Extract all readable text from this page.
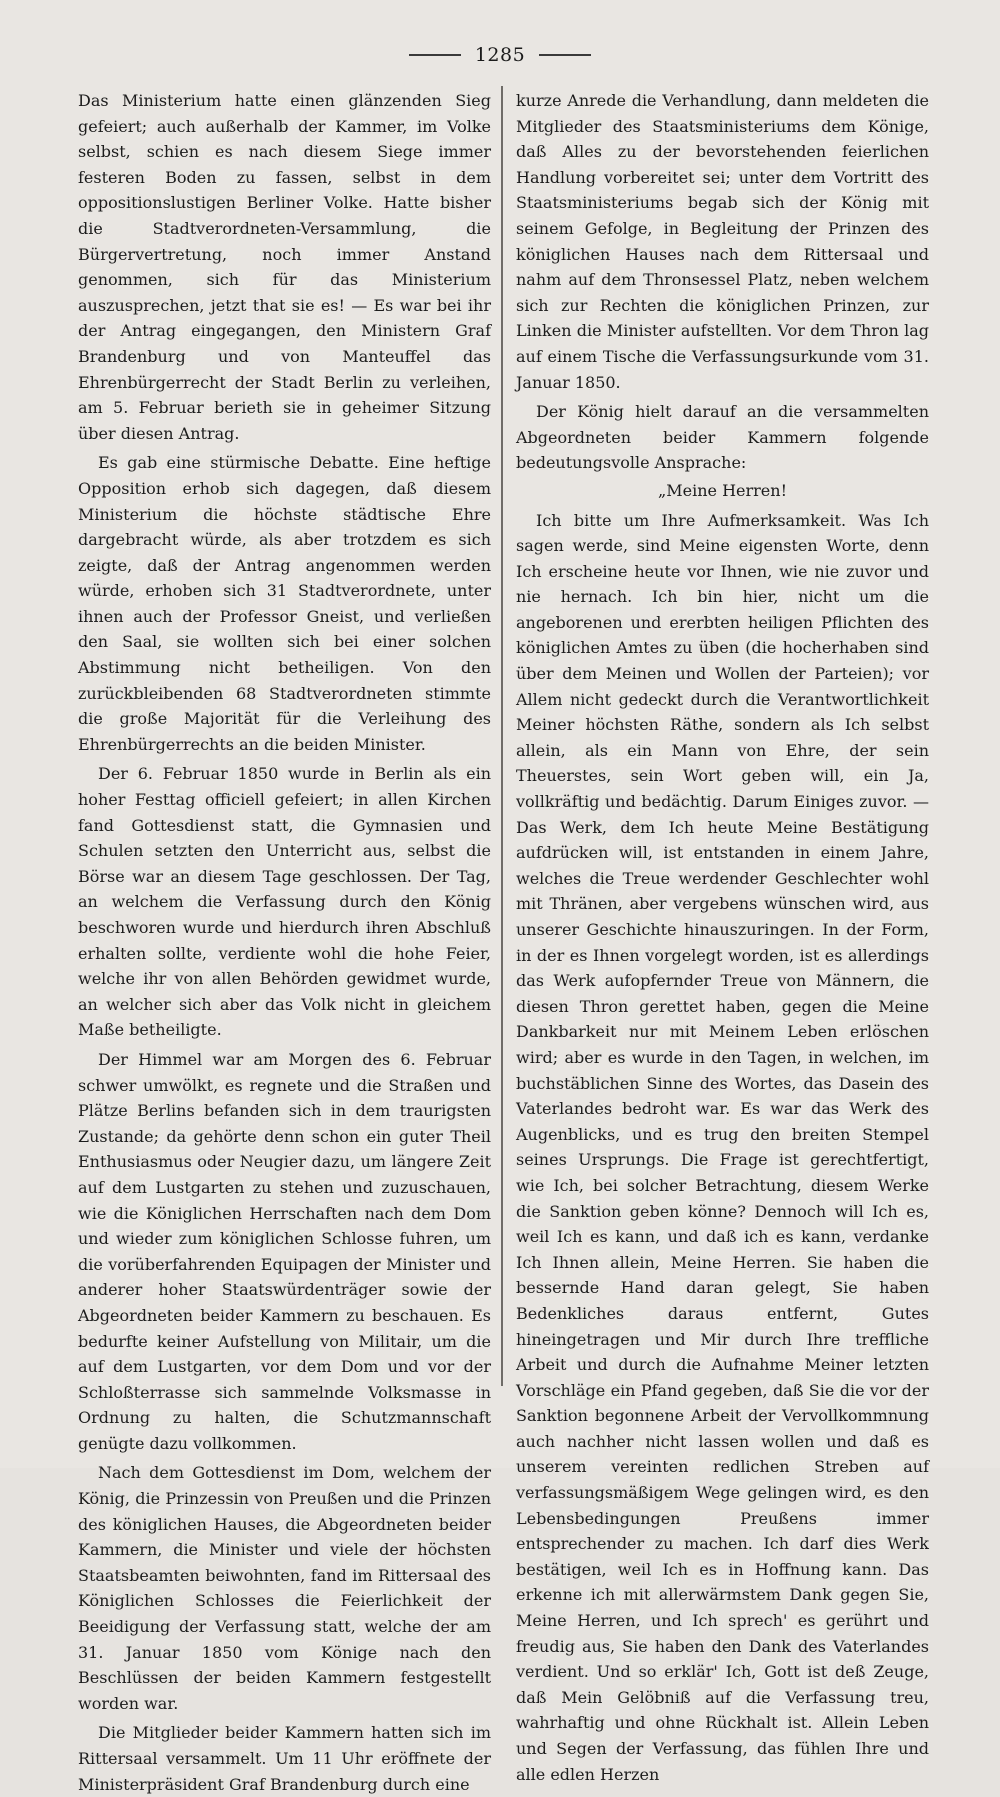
1285

Das Ministerium hatte einen glänzenden Sieg gefeiert; auch außerhalb der Kammer, im Volke selbst, schien es nach diesem Siege immer festeren Boden zu fassen, selbst in dem oppositionslustigen Berliner Volke. Hatte bisher die Stadtverordneten-Versammlung, die Bürgervertretung, noch immer Anstand genommen, sich für das Ministerium auszusprechen, jetzt that sie es! — Es war bei ihr der Antrag eingegangen, den Ministern Graf Brandenburg und von Manteuffel das Ehrenbürgerrecht der Stadt Berlin zu verleihen, am 5. Februar berieth sie in geheimer Sitzung über diesen Antrag.

Es gab eine stürmische Debatte. Eine heftige Opposition erhob sich dagegen, daß diesem Ministerium die höchste städtische Ehre dargebracht würde, als aber trotzdem es sich zeigte, daß der Antrag angenommen werden würde, erhoben sich 31 Stadtverordnete, unter ihnen auch der Professor Gneist, und verließen den Saal, sie wollten sich bei einer solchen Abstimmung nicht betheiligen. Von den zurückbleibenden 68 Stadtverordneten stimmte die große Majorität für die Verleihung des Ehrenbürgerrechts an die beiden Minister.

Der 6. Februar 1850 wurde in Berlin als ein hoher Festtag officiell gefeiert; in allen Kirchen fand Gottesdienst statt, die Gymnasien und Schulen setzten den Unterricht aus, selbst die Börse war an diesem Tage geschlossen. Der Tag, an welchem die Verfassung durch den König beschworen wurde und hierdurch ihren Abschluß erhalten sollte, verdiente wohl die hohe Feier, welche ihr von allen Behörden gewidmet wurde, an welcher sich aber das Volk nicht in gleichem Maße betheiligte.

Der Himmel war am Morgen des 6. Februar schwer umwölkt, es regnete und die Straßen und Plätze Berlins befanden sich in dem traurigsten Zustande; da gehörte denn schon ein guter Theil Enthusiasmus oder Neugier dazu, um längere Zeit auf dem Lustgarten zu stehen und zuzuschauen, wie die Königlichen Herrschaften nach dem Dom und wieder zum königlichen Schlosse fuhren, um die vorüberfahrenden Equipagen der Minister und anderer hoher Staatswürdenträger sowie der Abgeordneten beider Kammern zu beschauen. Es bedurfte keiner Aufstellung von Militair, um die auf dem Lustgarten, vor dem Dom und vor der Schloßterrasse sich sammelnde Volksmasse in Ordnung zu halten, die Schutzmannschaft genügte dazu vollkommen.

Nach dem Gottesdienst im Dom, welchem der König, die Prinzessin von Preußen und die Prinzen des königlichen Hauses, die Abgeordneten beider Kammern, die Minister und viele der höchsten Staatsbeamten beiwohnten, fand im Rittersaal des Königlichen Schlosses die Feierlichkeit der Beeidigung der Verfassung statt, welche der am 31. Januar 1850 vom Könige nach den Beschlüssen der beiden Kammern festgestellt worden war.

Die Mitglieder beider Kammern hatten sich im Rittersaal versammelt. Um 11 Uhr eröffnete der Ministerpräsident Graf Brandenburg durch eine

kurze Anrede die Verhandlung, dann meldeten die Mitglieder des Staatsministeriums dem Könige, daß Alles zu der bevorstehenden feierlichen Handlung vorbereitet sei; unter dem Vortritt des Staatsministeriums begab sich der König mit seinem Gefolge, in Begleitung der Prinzen des königlichen Hauses nach dem Rittersaal und nahm auf dem Thronsessel Platz, neben welchem sich zur Rechten die königlichen Prinzen, zur Linken die Minister aufstellten. Vor dem Thron lag auf einem Tische die Verfassungsurkunde vom 31. Januar 1850.

Der König hielt darauf an die versammelten Abgeordneten beider Kammern folgende bedeutungsvolle Ansprache:

„Meine Herren!

Ich bitte um Ihre Aufmerksamkeit. Was Ich sagen werde, sind Meine eigensten Worte, denn Ich erscheine heute vor Ihnen, wie nie zuvor und nie hernach. Ich bin hier, nicht um die angeborenen und ererbten heiligen Pflichten des königlichen Amtes zu üben (die hocherhaben sind über dem Meinen und Wollen der Parteien); vor Allem nicht gedeckt durch die Verantwortlichkeit Meiner höchsten Räthe, sondern als Ich selbst allein, als ein Mann von Ehre, der sein Theuerstes, sein Wort geben will, ein Ja, vollkräftig und bedächtig. Darum Einiges zuvor. — Das Werk, dem Ich heute Meine Bestätigung aufdrücken will, ist entstanden in einem Jahre, welches die Treue werdender Geschlechter wohl mit Thränen, aber vergebens wünschen wird, aus unserer Geschichte hinauszuringen. In der Form, in der es Ihnen vorgelegt worden, ist es allerdings das Werk aufopfernder Treue von Männern, die diesen Thron gerettet haben, gegen die Meine Dankbarkeit nur mit Meinem Leben erlöschen wird; aber es wurde in den Tagen, in welchen, im buchstäblichen Sinne des Wortes, das Dasein des Vaterlandes bedroht war. Es war das Werk des Augenblicks, und es trug den breiten Stempel seines Ursprungs. Die Frage ist gerechtfertigt, wie Ich, bei solcher Betrachtung, diesem Werke die Sanktion geben könne? Dennoch will Ich es, weil Ich es kann, und daß ich es kann, verdanke Ich Ihnen allein, Meine Herren. Sie haben die bessernde Hand daran gelegt, Sie haben Bedenkliches daraus entfernt, Gutes hineingetragen und Mir durch Ihre treffliche Arbeit und durch die Aufnahme Meiner letzten Vorschläge ein Pfand gegeben, daß Sie die vor der Sanktion begonnene Arbeit der Vervollkommnung auch nachher nicht lassen wollen und daß es unserem vereinten redlichen Streben auf verfassungsmäßigem Wege gelingen wird, es den Lebensbedingungen Preußens immer entsprechender zu machen. Ich darf dies Werk bestätigen, weil Ich es in Hoffnung kann. Das erkenne ich mit allerwärmstem Dank gegen Sie, Meine Herren, und Ich sprech' es gerührt und freudig aus, Sie haben den Dank des Vaterlandes verdient. Und so erklär' Ich, Gott ist deß Zeuge, daß Mein Gelöbniß auf die Verfassung treu, wahrhaftig und ohne Rückhalt ist. Allein Leben und Segen der Verfassung, das fühlen Ihre und alle edlen Herzen
